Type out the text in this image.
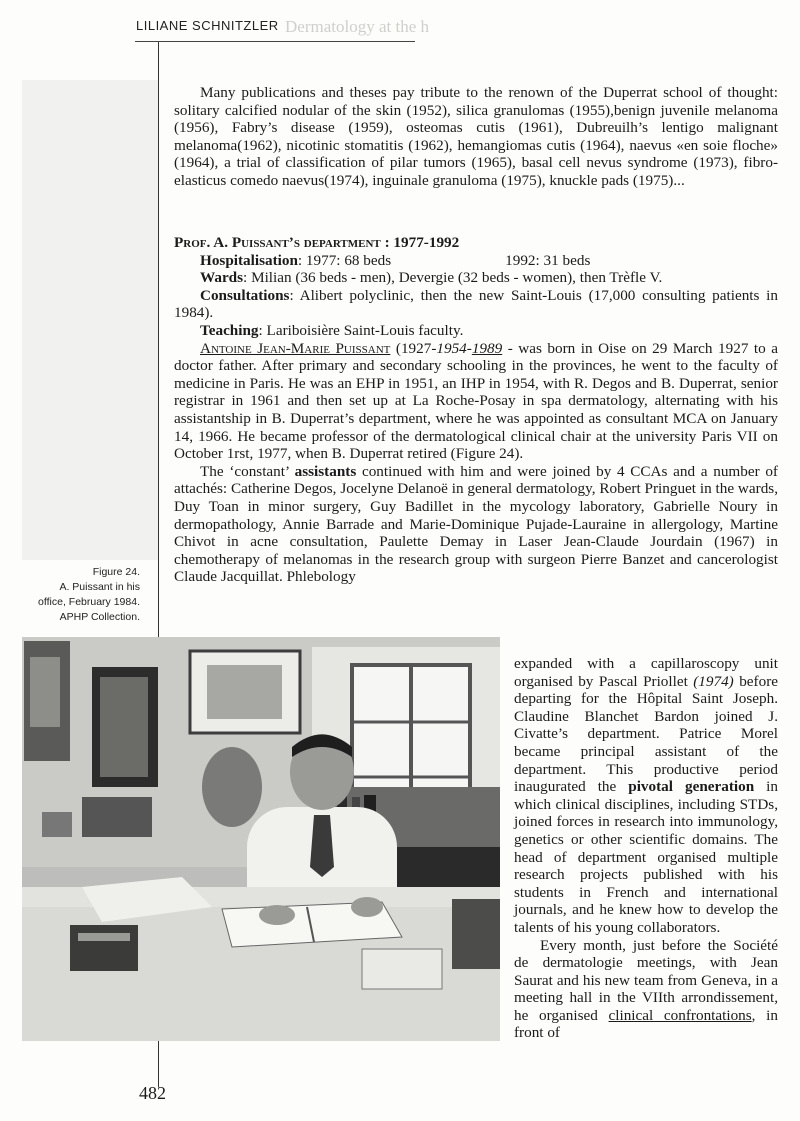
Dermatology at the h
LILIANE SCHNITZLER

Many publications and theses pay tribute to the renown of the Duperrat school of thought: solitary calcified nodular of the skin (1952), silica granulomas (1955),benign juvenile melanoma (1956), Fabry’s disease (1959), osteomas cutis (1961), Dubreuilh’s lentigo malignant melanoma(1962), nicotinic stomatitis (1962), hemangiomas cutis (1964), naevus «en soie floche» (1964), a trial of classification of pilar tumors (1965), basal cell nevus syndrome (1973), fibro-elasticus comedo naevus(1974), inguinale granuloma (1975), knuckle pads (1975)...

Prof. A. Puissant’s department : 1977-1992

Hospitalisation: 1977: 68 beds	1992: 31 beds

Wards: Milian (36 beds - men), Devergie (32 beds - women), then Trèfle V.

Consultations: Alibert polyclinic, then the new Saint-Louis (17,000 consulting patients in 1984).

Teaching: Lariboisière Saint-Louis faculty.

Antoine Jean-Marie Puissant (1927-1954-1989 - was born in Oise on 29 March 1927 to a doctor father. After primary and secondary schooling in the provinces, he went to the faculty of medicine in Paris. He was an EHP in 1951, an IHP in 1954, with R. Degos and B. Duperrat, senior registrar in 1961 and then set up at La Roche-Posay in spa dermatology, alternating with his assistantship in B. Duperrat’s department, where he was appointed as consultant MCA on January 14, 1966. He became professor of the dermatological clinical chair at the university Paris VII on October 1rst, 1977, when B. Duperrat retired (Figure 24).

The ‘constant’ assistants continued with him and were joined by 4 CCAs and a number of attachés: Catherine Degos, Jocelyne Delanoë in general dermatology, Robert Pringuet in the wards, Duy Toan in minor surgery, Guy Badillet in the mycology laboratory, Gabrielle Noury in dermopathology, Annie Barrade and Marie-Dominique Pujade-Lauraine in allergology, Martine Chivot in acne consultation, Paulette Demay in Laser Jean-Claude Jourdain (1967) in chemotherapy of melanomas in the research group with surgeon Pierre Banzet and cancerologist Claude Jacquillat. Phlebology

expanded with a capillaroscopy unit organised by Pascal Priollet (1974) before departing for the Hôpital Saint Joseph. Claudine Blanchet Bardon joined J. Civatte’s department. Patrice Morel became principal assistant of the department. This productive period inaugurated the pivotal generation in which clinical disciplines, including STDs, joined forces in research into immunology, genetics or other scientific domains. The head of department organised multiple research projects published with his students in French and international journals, and he knew how to develop the talents of his young collaborators.

Every month, just before the Société de dermatologie meetings, with Jean Saurat and his new team from Geneva, in a meeting hall in the VIIth arrondissement, he organised clinical confrontations, in front of

Figure 24.
A. Puissant in his
office, February 1984.
APHP Collection.
482
